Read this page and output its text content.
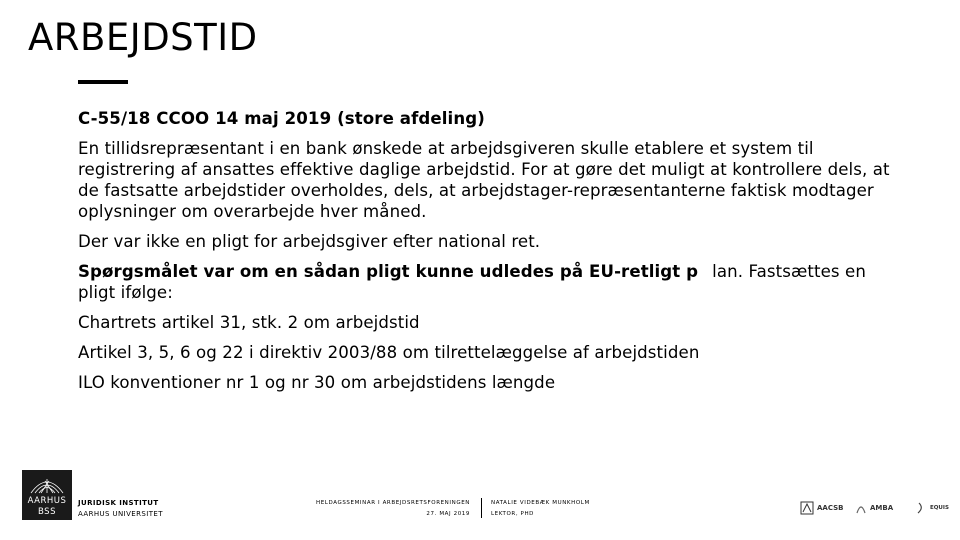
ARBEJDSTID

C-55/18 CCOO 14 maj 2019 (store afdeling)

En tillidsrepræsentant i en bank ønskede at arbejdsgiveren skulle etablere et system til registrering af ansattes effektive daglige arbejdstid. For at gøre det muligt at kontrollere dels, at de fastsatte arbejdstider overholdes, dels, at arbejdstager-repræsentanterne faktisk modtager oplysninger om overarbejde hver måned.

Der var ikke en pligt for arbejdsgiver efter national ret.

Spørgsmålet var om en sådan pligt kunne udledes på EU-retligt p lan. Fastsættes en pligt ifølge:

Chartrets artikel 31, stk. 2 om arbejdstid

Artikel 3, 5, 6 og 22 i direktiv 2003/88 om tilrettelæggelse af arbejdstiden

ILO konventioner nr 1 og nr 30 om arbejdstidens længde

AARHUS
BSS
JURIDISK INSTITUT
AARHUS UNIVERSITET
HELDAGSSEMINAR I ARBEJDSRETSFORENINGEN
27. MAJ 2019
NATALIE VIDEBÆK MUNKHOLM
LEKTOR, PHD
AACSB	AMBA	EQUIS
